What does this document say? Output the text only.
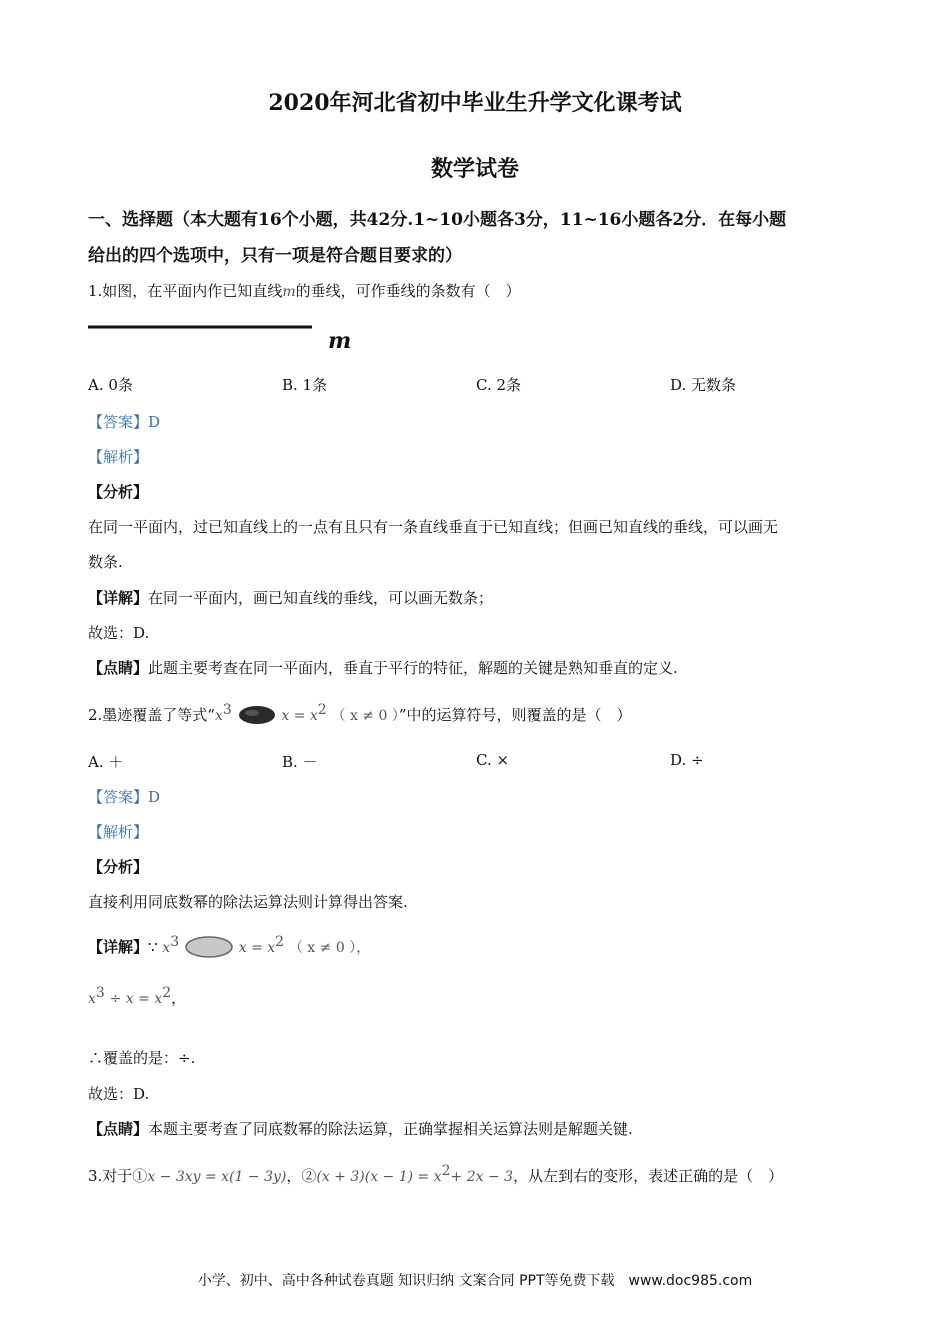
2020年河北省初中毕业生升学文化课考试
数学试卷
一、选择题（本大题有16个小题，共42分.1~10小题各3分，11~16小题各2分．在每小题
给出的四个选项中，只有一项是符合题目要求的）
1.如图，在平面内作已知直线m的垂线，可作垂线的条数有（　）
m
A. 0条	B. 1条	C. 2条	D. 无数条
【答案】D
【解析】
【分析】
在同一平面内，过已知直线上的一点有且只有一条直线垂直于已知直线；但画已知直线的垂线，可以画无
数条.
【详解】在同一平面内，画已知直线的垂线，可以画无数条；
故选：D.
【点睛】此题主要考查在同一平面内，垂直于平行的特征，解题的关键是熟知垂直的定义.
2.墨迹覆盖了等式“$x^3$	$x = x^2$ （ x ≠ 0 ）”中的运算符号，则覆盖的是（　）
A. ＋	B. －	C. ×	D. ÷
【答案】D
【解析】
【分析】
直接利用同底数幂的除法运算法则计算得出答案.
【详解】∵ $x^3$	$x = x^2$ （ x ≠ 0 ），
$x^3 \div x = x^2$，
∴覆盖的是：÷.
故选：D.
【点睛】本题主要考查了同底数幂的除法运算，正确掌握相关运算法则是解题关键.
3.对于①x − 3xy = x(1 − 3y)，②(x + $3)(x - 1) = x^2+ 2x - 3$，从左到右的变形，表述正确的是（　）
小学、初中、高中各种试卷真题 知识归纳 文案合同 PPT等免费下载　www.doc985.com
